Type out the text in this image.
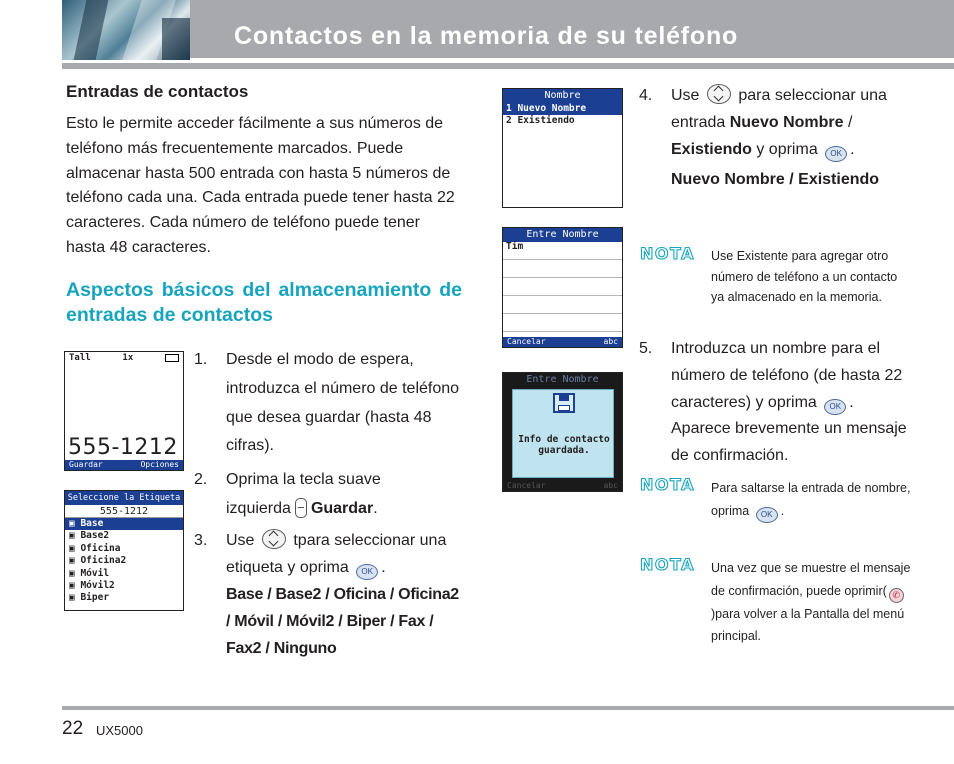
Contactos en la memoria de su teléfono
Entradas de contactos

Esto le permite acceder fácilmente a sus números de teléfono más frecuentemente marcados. Puede almacenar hasta 500 entrada con hasta 5 números de teléfono cada una. Cada entrada puede tener hasta 22 caracteres. Cada número de teléfono puede tener hasta 48 caracteres.

Aspectos básicos del almacenamiento de
entradas de contactos
Tall	1x
555-1212
Guardar	Opciones
Seleccione la Etiqueta
555-1212
▣ Base
▣ Base2
▣ Oficina
▣ Oficina2
▣ Móvil
▣ Móvil2
▣ Biper
1. Desde el modo de espera, introduzca el número de teléfono que desea guardar (hasta 48 cifras).
2. Oprima la tecla suave izquierda Guardar.
3. Use tpara seleccionar una etiqueta y oprima OK .
Base / Base2 / Oficina / Oficina2 / Móvil / Móvil2 / Biper / Fax / Fax2 / Ninguno
Nombre
1 Nuevo Nombre
2 Existiendo
Entre Nombre
Tim
Cancelar	abc
Entre Nombre
Info de contacto guardada.
Cancelar	abc
4. Use para seleccionar una entrada Nuevo Nombre / Existiendo y oprima OK .
Nuevo Nombre / Existiendo
NOTA Use Existente para agregar otro número de teléfono a un contacto ya almacenado en la memoria.
5. Introduzca un nombre para el número de teléfono (de hasta 22 caracteres) y oprima OK . Aparece brevemente un mensaje de confirmación.
NOTA Para saltarse la entrada de nombre, oprima OK .
NOTA Una vez que se muestre el mensaje de confirmación, puede oprimir( ✆)para volver a la Pantalla del menú principal.
22 UX5000
